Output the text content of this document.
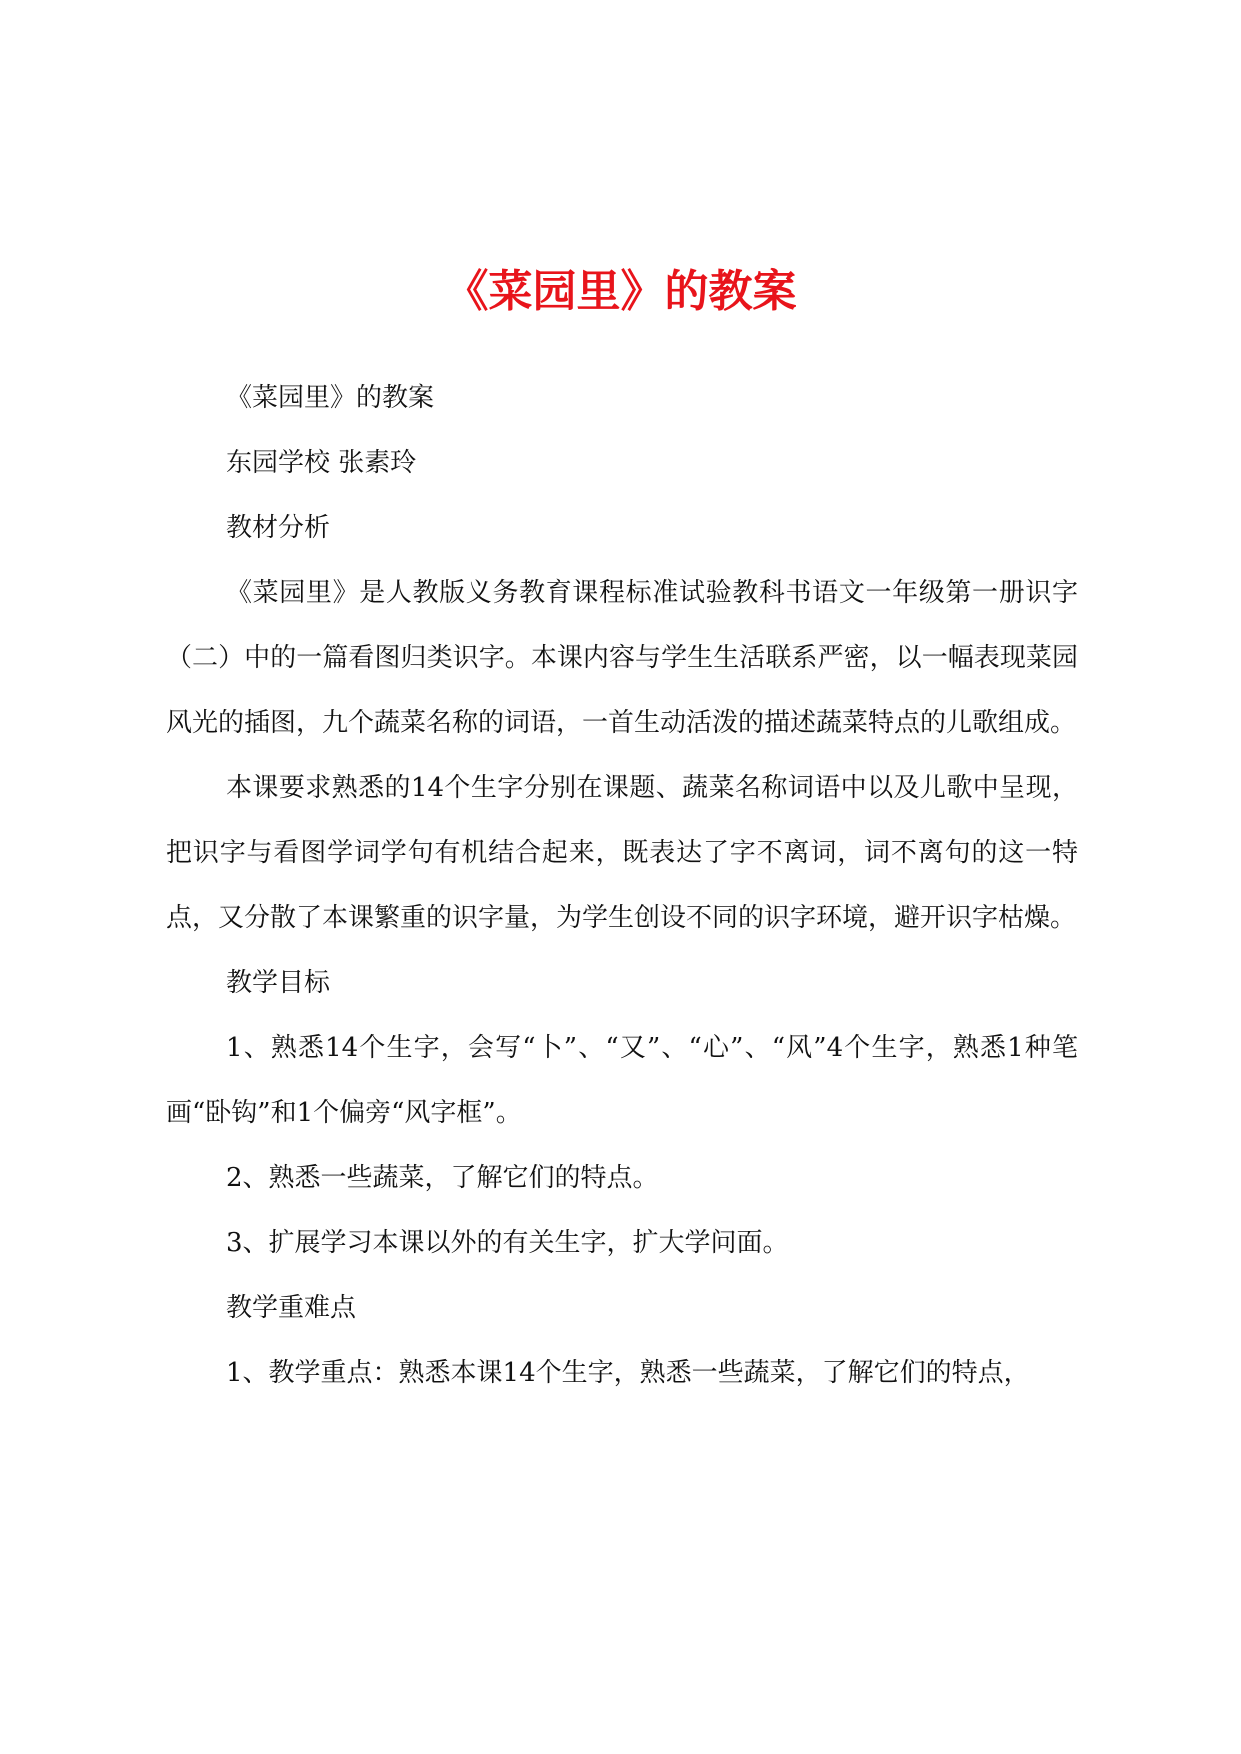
《菜园里》的教案

《菜园里》的教案

东园学校 张素玲

教材分析

《菜园里》是人教版义务教育课程标准试验教科书语文一年级第一册识字（二）中的一篇看图归类识字。本课内容与学生生活联系严密，以一幅表现菜园风光的插图，九个蔬菜名称的词语，一首生动活泼的描述蔬菜特点的儿歌组成。

本课要求熟悉的14个生字分别在课题、蔬菜名称词语中以及儿歌中呈现，把识字与看图学词学句有机结合起来，既表达了字不离词，词不离句的这一特点，又分散了本课繁重的识字量，为学生创设不同的识字环境，避开识字枯燥。

教学目标

1、熟悉14个生字，会写“卜”、“又”、“心”、“风”4个生字，熟悉1种笔画“卧钩”和1个偏旁“风字框”。

2、熟悉一些蔬菜，了解它们的特点。

3、扩展学习本课以外的有关生字，扩大学问面。

教学重难点

1、教学重点：熟悉本课14个生字，熟悉一些蔬菜，了解它们的特点，
